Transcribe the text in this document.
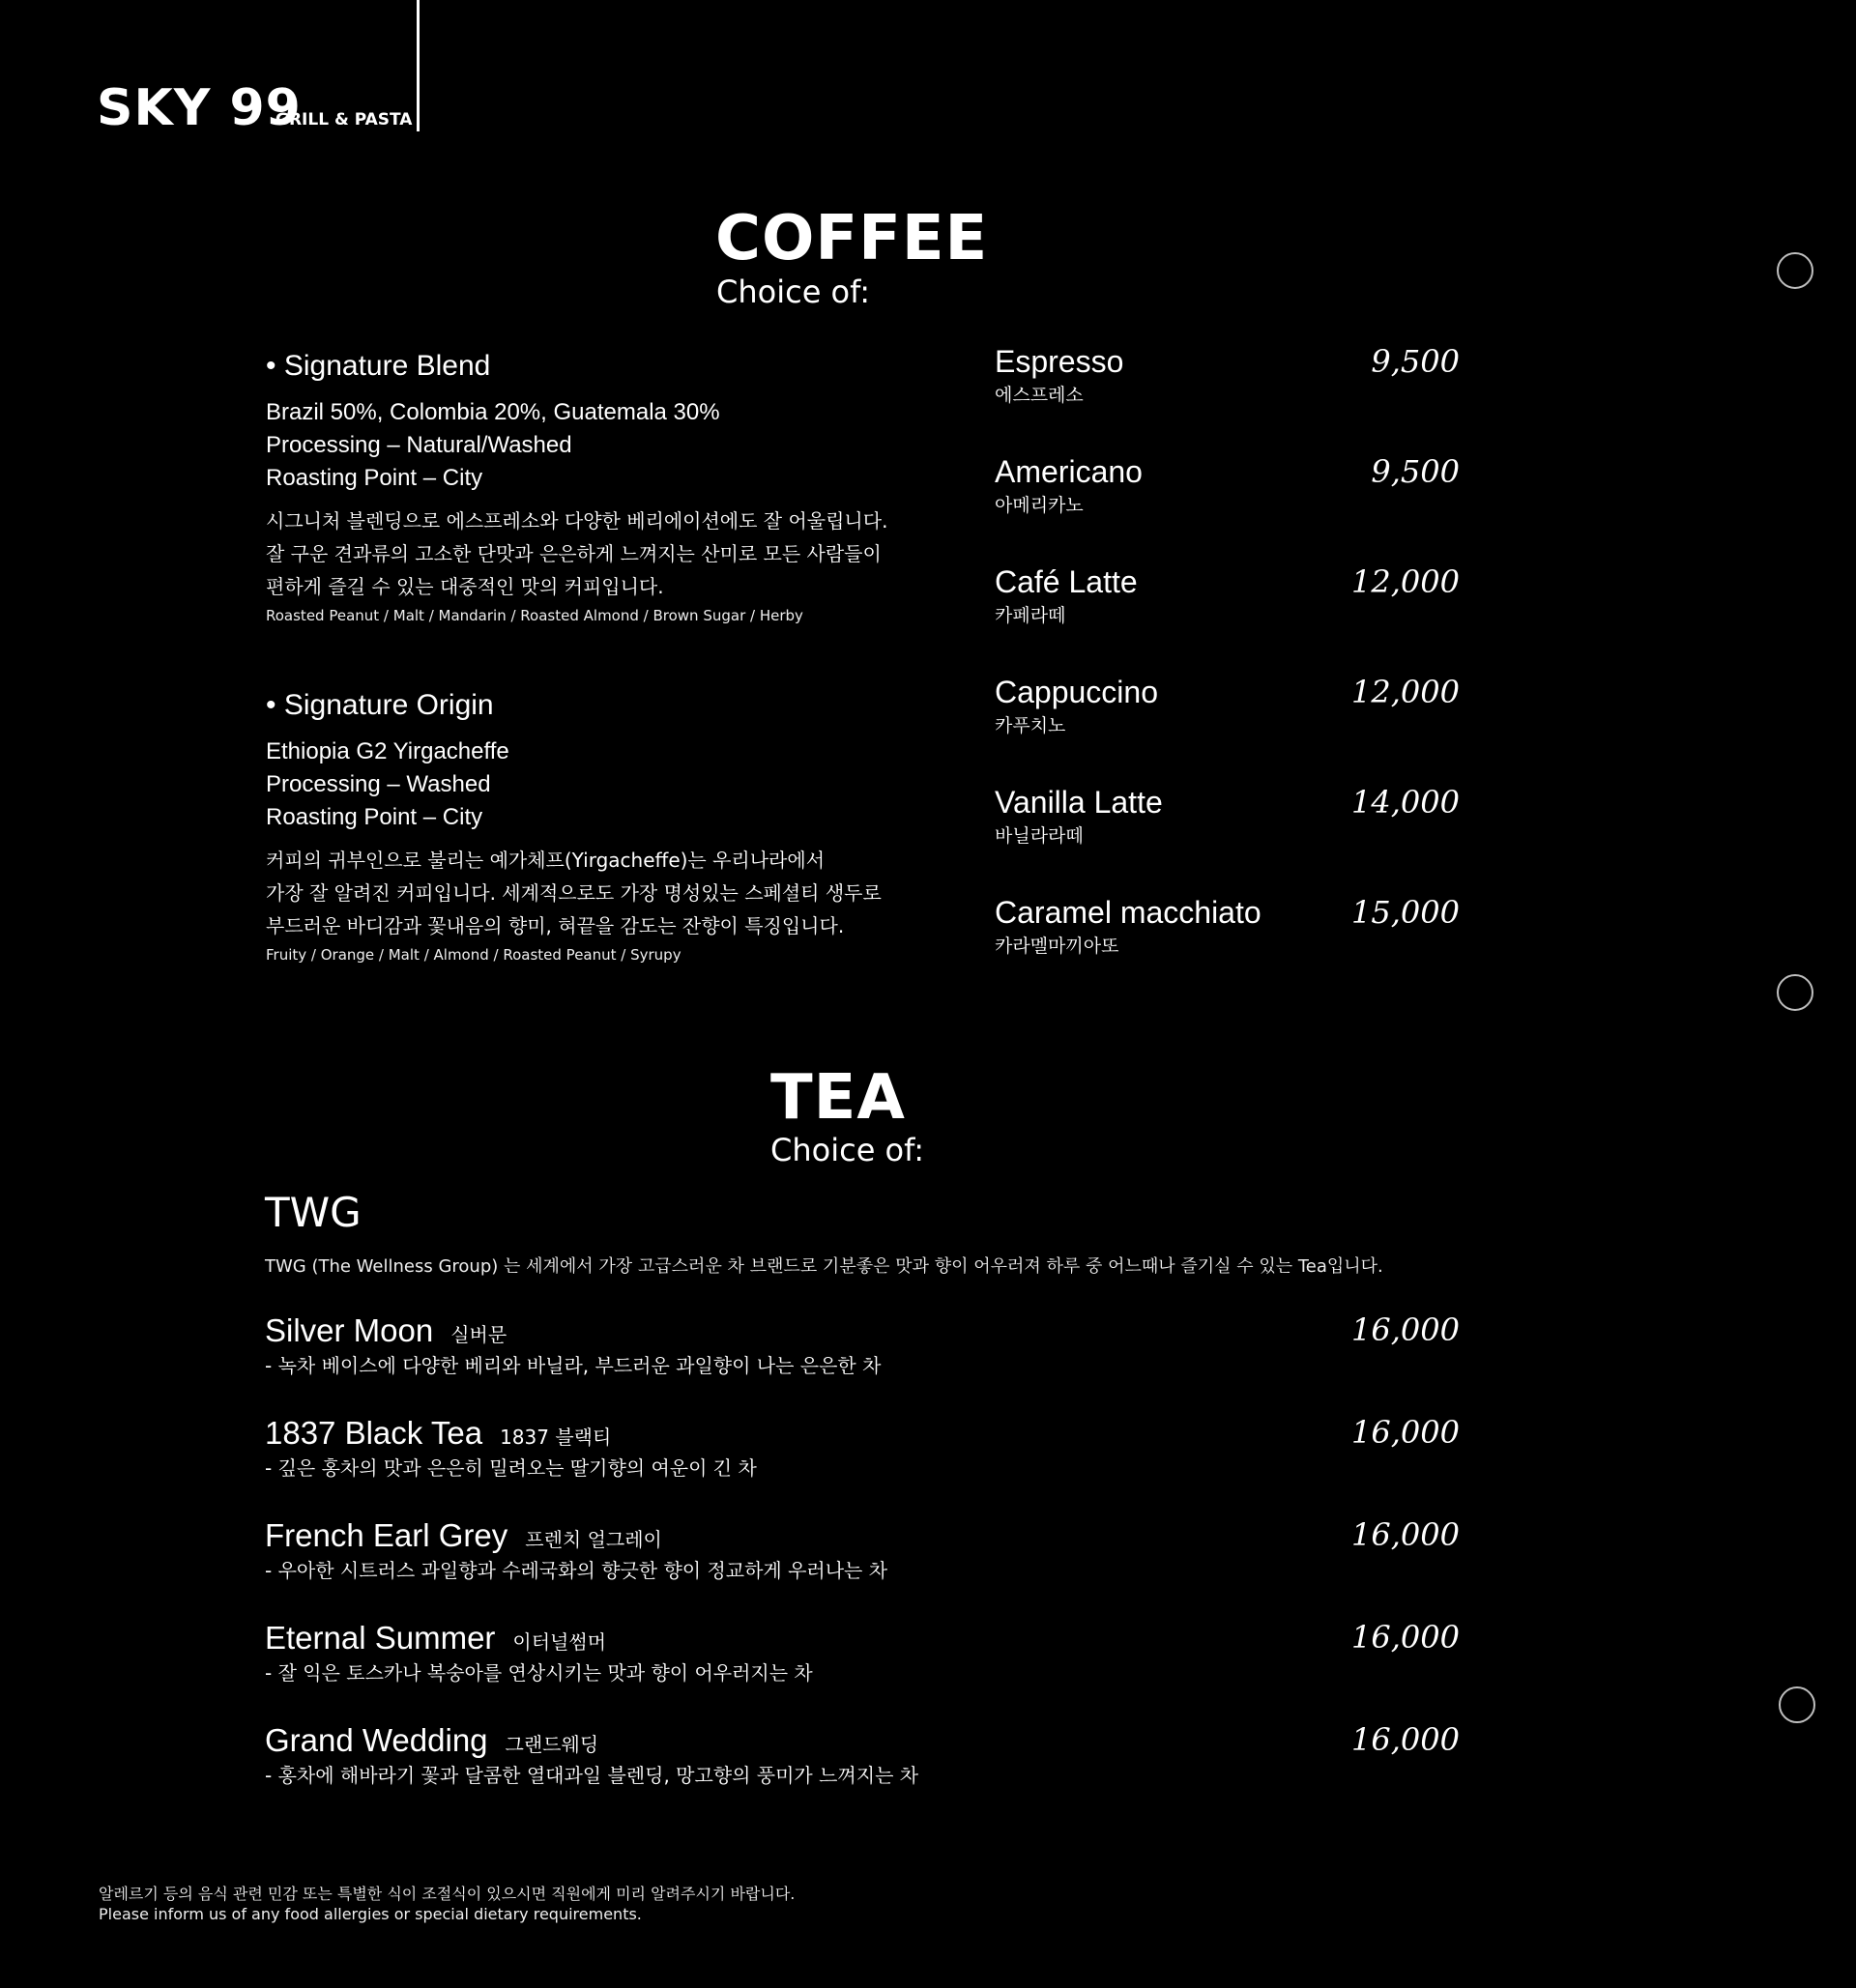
SKY 99
GRILL & PASTA
COFFEE
Choice of:
• Signature Blend
Brazil 50%, Colombia 20%, Guatemala 30%
Processing – Natural/Washed
Roasting Point – City
시그니처 블렌딩으로 에스프레소와 다양한 베리에이션에도 잘 어울립니다.
잘 구운 견과류의 고소한 단맛과 은은하게 느껴지는 산미로 모든 사람들이
편하게 즐길 수 있는 대중적인 맛의 커피입니다.
Roasted Peanut / Malt / Mandarin / Roasted Almond / Brown Sugar / Herby
• Signature Origin
Ethiopia G2 Yirgacheffe
Processing – Washed
Roasting Point – City
커피의 귀부인으로 불리는 예가체프(Yirgacheffe)는 우리나라에서
가장 잘 알려진 커피입니다. 세계적으로도 가장 명성있는 스페셜티 생두로
부드러운 바디감과 꽃내음의 향미, 혀끝을 감도는 잔향이 특징입니다.
Fruity / Orange / Malt / Almond / Roasted Peanut / Syrupy
Espresso
에스프레소
9,500
Americano
아메리카노
9,500
Café Latte
카페라떼
12,000
Cappuccino
카푸치노
12,000
Vanilla Latte
바닐라라떼
14,000
Caramel macchiato
카라멜마끼아또
15,000
TEA
Choice of:
TWG
TWG (The Wellness Group) 는 세계에서 가장 고급스러운 차 브랜드로 기분좋은 맛과 향이 어우러져 하루 중 어느때나 즐기실 수 있는 Tea입니다.
Silver Moon 실버문
- 녹차 베이스에 다양한 베리와 바닐라, 부드러운 과일향이 나는 은은한 차
16,000
1837 Black Tea 1837 블랙티
- 깊은 홍차의 맛과 은은히 밀려오는 딸기향의 여운이 긴 차
16,000
French Earl Grey 프렌치 얼그레이
- 우아한 시트러스 과일향과 수레국화의 향긋한 향이 정교하게 우러나는 차
16,000
Eternal Summer 이터널썸머
- 잘 익은 토스카나 복숭아를 연상시키는 맛과 향이 어우러지는 차
16,000
Grand Wedding 그랜드웨딩
- 홍차에 해바라기 꽃과 달콤한 열대과일 블렌딩, 망고향의 풍미가 느껴지는 차
16,000
알레르기 등의 음식 관련 민감 또는 특별한 식이 조절식이 있으시면 직원에게 미리 알려주시기 바랍니다.
Please inform us of any food allergies or special dietary requirements.
